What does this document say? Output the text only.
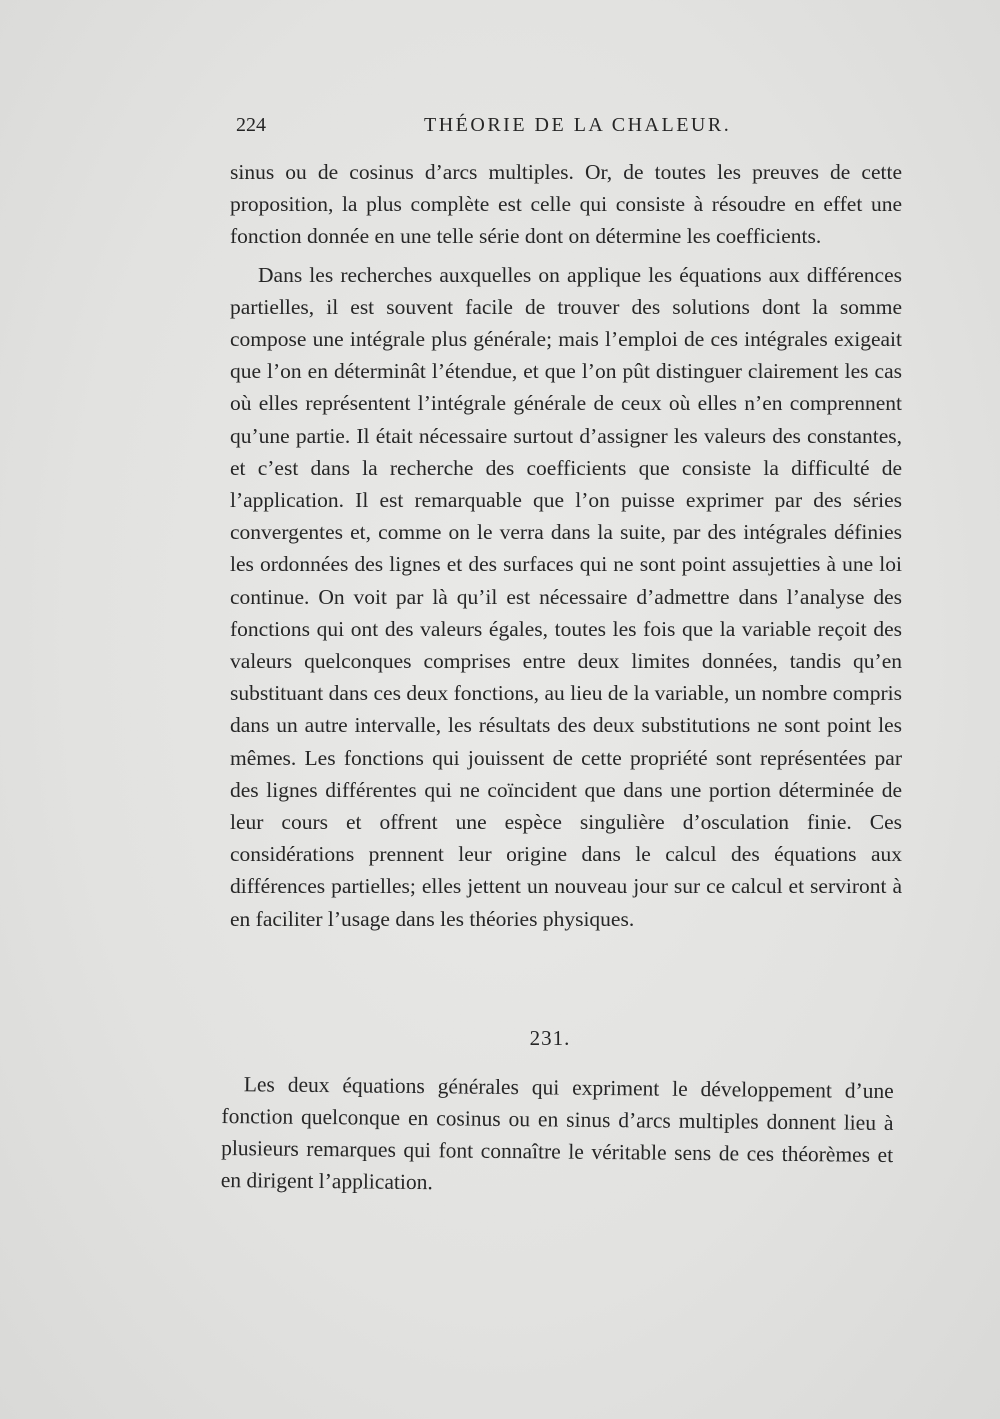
224	THÉORIE DE LA CHALEUR.

sinus ou de cosinus d’arcs multiples. Or, de toutes les preuves de cette proposition, la plus complète est celle qui consiste à résoudre en effet une fonction donnée en une telle série dont on détermine les coefficients.

Dans les recherches auxquelles on applique les équations aux différences partielles, il est souvent facile de trouver des solutions dont la somme compose une intégrale plus générale; mais l’emploi de ces intégrales exigeait que l’on en déterminât l’étendue, et que l’on pût distinguer clairement les cas où elles représentent l’intégrale générale de ceux où elles n’en comprennent qu’une partie. Il était nécessaire surtout d’assigner les valeurs des constantes, et c’est dans la recherche des coefficients que consiste la difficulté de l’application. Il est remarquable que l’on puisse exprimer par des séries convergentes et, comme on le verra dans la suite, par des intégrales définies les ordonnées des lignes et des surfaces qui ne sont point assujetties à une loi continue. On voit par là qu’il est nécessaire d’admettre dans l’analyse des fonctions qui ont des valeurs égales, toutes les fois que la variable reçoit des valeurs quelconques comprises entre deux limites données, tandis qu’en substituant dans ces deux fonctions, au lieu de la variable, un nombre compris dans un autre intervalle, les résultats des deux substitutions ne sont point les mêmes. Les fonctions qui jouissent de cette propriété sont représentées par des lignes différentes qui ne coïncident que dans une portion déterminée de leur cours et offrent une espèce singulière d’osculation finie. Ces considérations prennent leur origine dans le calcul des équations aux différences partielles; elles jettent un nouveau jour sur ce calcul et serviront à en faciliter l’usage dans les théories physiques.

231.

Les deux équations générales qui expriment le développement d’une fonction quelconque en cosinus ou en sinus d’arcs multiples donnent lieu à plusieurs remarques qui font connaître le véritable sens de ces théorèmes et en dirigent l’application.
